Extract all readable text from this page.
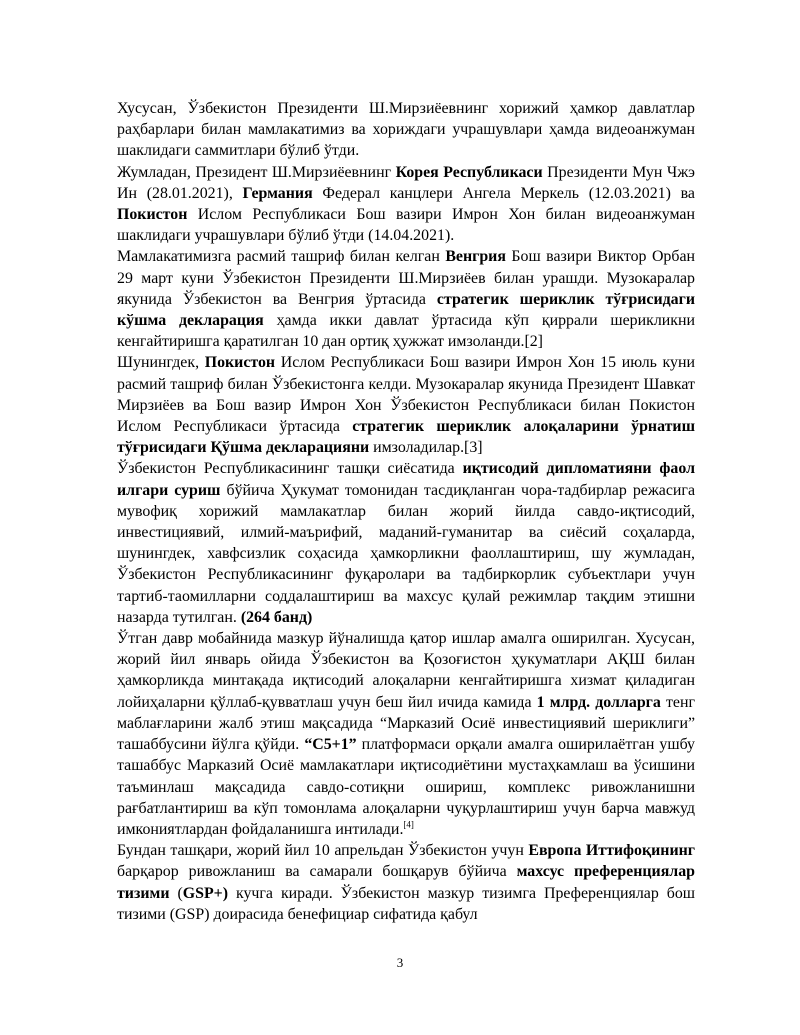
Хусусан, Ўзбекистон Президенти Ш.Мирзиёевнинг хорижий ҳамкор давлатлар раҳбарлари билан мамлакатимиз ва хориждаги учрашувлари ҳамда видеоанжуман шаклидаги саммитлари бўлиб ўтди.

Жумладан, Президент Ш.Мирзиёевнинг Корея Республикаси Президенти Мун Чжэ Ин (28.01.2021), Германия Федерал канцлери Ангела Меркель (12.03.2021) ва Покистон Ислом Республикаси Бош вазири Имрон Хон билан видеоанжуман шаклидаги учрашувлари бўлиб ўтди (14.04.2021).

Мамлакатимизга расмий ташриф билан келган Венгрия Бош вазири Виктор Орбан 29 март куни Ўзбекистон Президенти Ш.Мирзиёев билан урашди. Музокаралар якунида Ўзбекистон ва Венгрия ўртасида стратегик шериклик тўғрисидаги кўшма декларация ҳамда икки давлат ўртасида кўп қиррали шерикликни кенгайтиришга қаратилган 10 дан ортиқ ҳужжат имзоланди.[2]

Шунингдек, Покистон Ислом Республикаси Бош вазири Имрон Хон 15 июль куни расмий ташриф билан Ўзбекистонга келди. Музокаралар якунида Президент Шавкат Мирзиёев ва Бош вазир Имрон Хон Ўзбекистон Республикаси билан Покистон Ислом Республикаси ўртасида стратегик шериклик алоқаларини ўрнатиш тўғрисидаги Қўшма декларацияни имзоладилар.[3]

Ўзбекистон Республикасининг ташқи сиёсатида иқтисодий дипломатияни фаол илгари суриш бўйича Ҳукумат томонидан тасдиқланган чора-тадбирлар режасига мувофиқ хорижий мамлакатлар билан жорий йилда савдо-иқтисодий, инвестициявий, илмий-маърифий, маданий-гуманитар ва сиёсий соҳаларда, шунингдек, хавфсизлик соҳасида ҳамкорликни фаоллаштириш, шу жумладан, Ўзбекистон Республикасининг фуқаролари ва тадбиркорлик субъектлари учун тартиб-таомилларни соддалаштириш ва махсус қулай режимлар тақдим этишни назарда тутилган. (264 банд)

Ўтган давр мобайнида мазкур йўналишда қатор ишлар амалга оширилган. Хусусан, жорий йил январь ойида Ўзбекистон ва Қозоғистон ҳукуматлари АҚШ билан ҳамкорликда минтақада иқтисодий алоқаларни кенгайтиришга хизмат қиладиган лойиҳаларни қўллаб-қувватлаш учун беш йил ичида камида 1 млрд. долларга тенг маблағларини жалб этиш мақсадида “Марказий Осиё инвестициявий шериклиги” ташаббусини йўлга қўйди. “C5+1” платформаси орқали амалга оширилаётган ушбу ташаббус Марказий Осиё мамлакатлари иқтисодиётини мустаҳкамлаш ва ўсишини таъминлаш мақсадида савдо-сотиқни ошириш, комплекс ривожланишни рағбатлантириш ва кўп томонлама алоқаларни чуқурлаштириш учун барча мавжуд имкониятлардан фойдаланишга интилади.[4]

Бундан ташқари, жорий йил 10 апрельдан Ўзбекистон учун Европа Иттифоқининг барқарор ривожланиш ва самарали бошқарув бўйича махсус преференциялар тизими (GSP+) кучга киради. Ўзбекистон мазкур тизимга Преференциялар бош тизими (GSP) доирасида бенефициар сифатида қабул

3
